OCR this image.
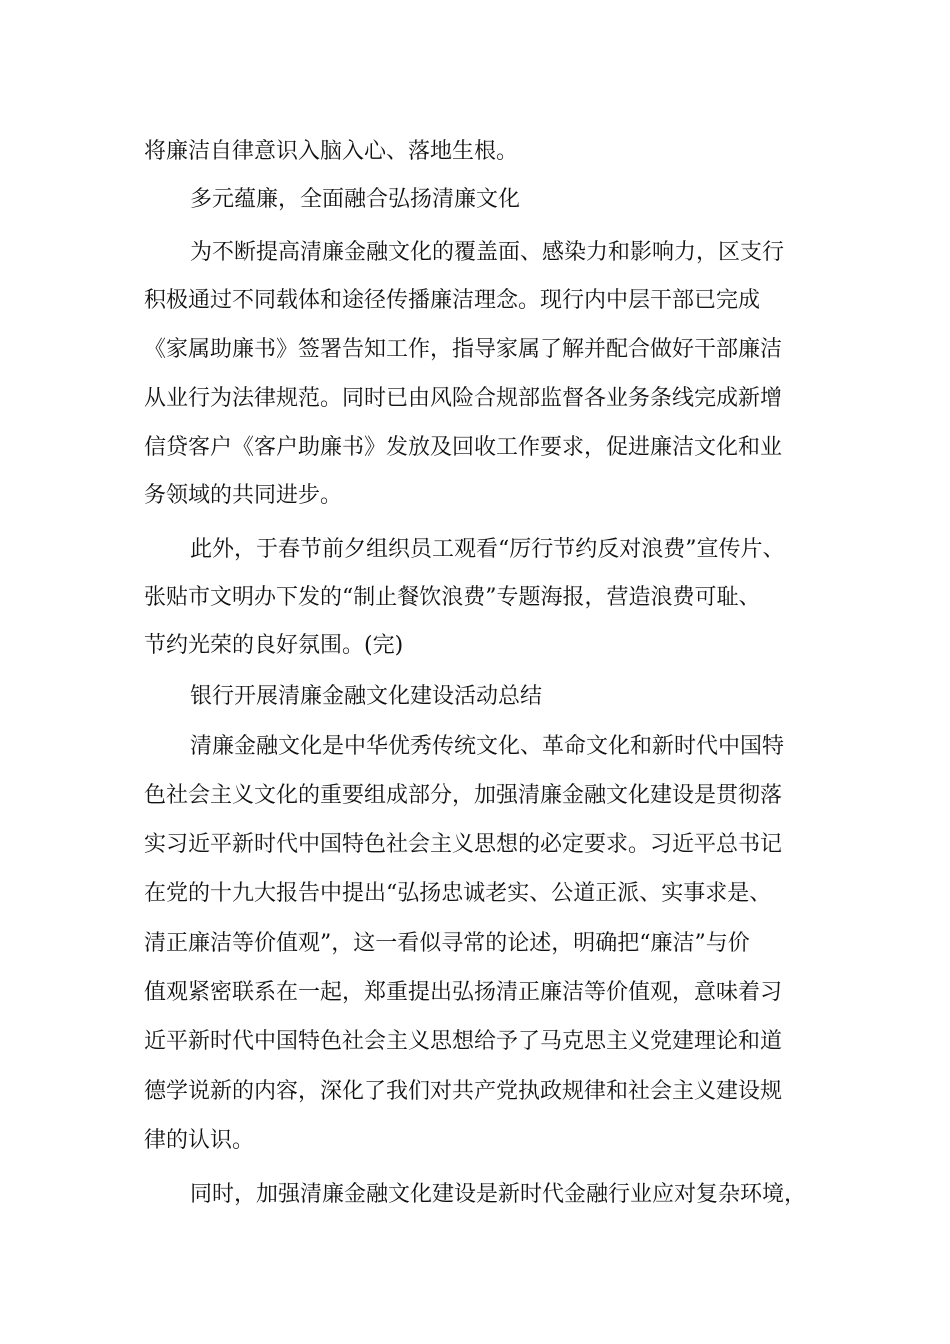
将廉洁自律意识入脑入心、落地生根。
多元蕴廉，全面融合弘扬清廉文化
为不断提高清廉金融文化的覆盖面、感染力和影响力，区支行
积极通过不同载体和途径传播廉洁理念。现行内中层干部已完成
《家属助廉书》签署告知工作，指导家属了解并配合做好干部廉洁
从业行为法律规范。同时已由风险合规部监督各业务条线完成新增
信贷客户《客户助廉书》发放及回收工作要求，促进廉洁文化和业
务领域的共同进步。
此外，于春节前夕组织员工观看“厉行节约反对浪费”宣传片、
张贴市文明办下发的“制止餐饮浪费”专题海报，营造浪费可耻、
节约光荣的良好氛围。(完)
银行开展清廉金融文化建设活动总结
清廉金融文化是中华优秀传统文化、革命文化和新时代中国特
色社会主义文化的重要组成部分，加强清廉金融文化建设是贯彻落
实习近平新时代中国特色社会主义思想的必定要求。习近平总书记
在党的十九大报告中提出“弘扬忠诚老实、公道正派、实事求是、
清正廉洁等价值观”，这一看似寻常的论述，明确把“廉洁”与价
值观紧密联系在一起，郑重提出弘扬清正廉洁等价值观，意味着习
近平新时代中国特色社会主义思想给予了马克思主义党建理论和道
德学说新的内容，深化了我们对共产党执政规律和社会主义建设规
律的认识。
同时，加强清廉金融文化建设是新时代金融行业应对复杂环境，
